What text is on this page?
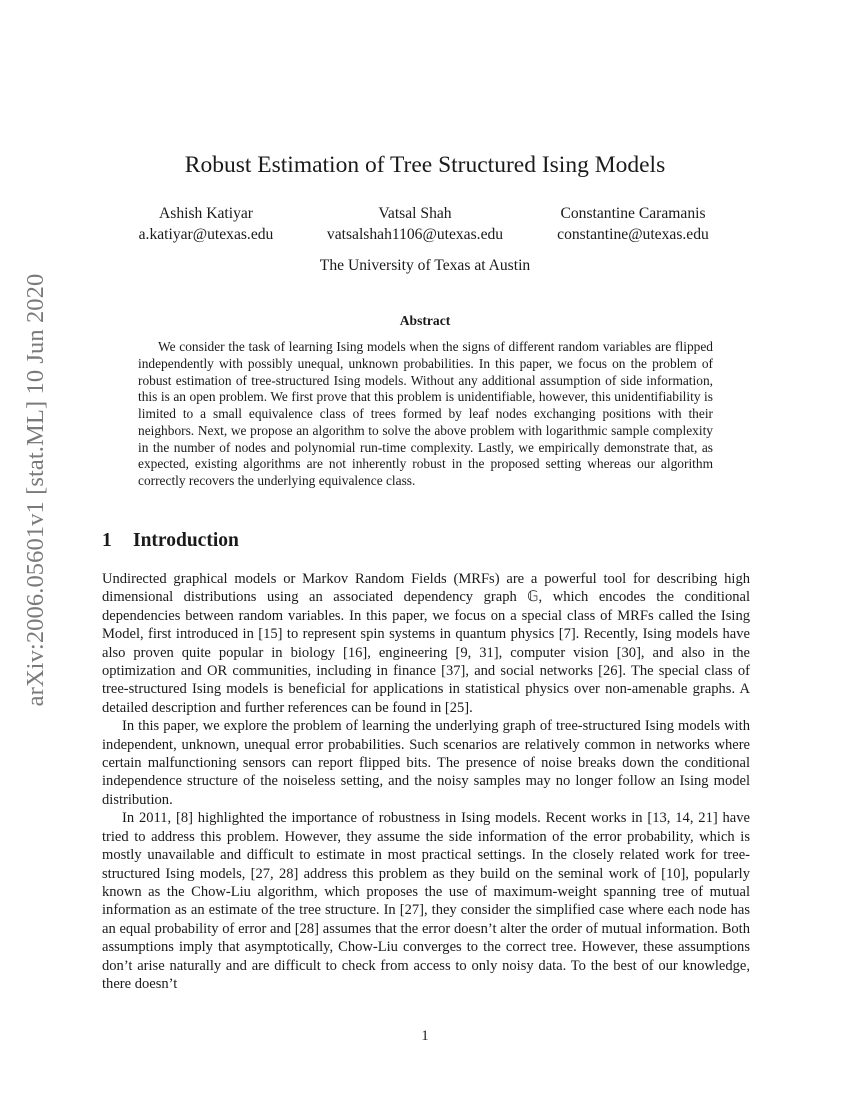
arXiv:2006.05601v1 [stat.ML] 10 Jun 2020
Robust Estimation of Tree Structured Ising Models
Ashish Katiyar
a.katiyar@utexas.edu
Vatsal Shah
vatsalshah1106@utexas.edu
Constantine Caramanis
constantine@utexas.edu
The University of Texas at Austin
Abstract

We consider the task of learning Ising models when the signs of different random variables are flipped independently with possibly unequal, unknown probabilities. In this paper, we focus on the problem of robust estimation of tree-structured Ising models. Without any additional assumption of side information, this is an open problem. We first prove that this problem is unidentifiable, however, this unidentifiability is limited to a small equivalence class of trees formed by leaf nodes exchanging positions with their neighbors. Next, we propose an algorithm to solve the above problem with logarithmic sample complexity in the number of nodes and polynomial run-time complexity. Lastly, we empirically demonstrate that, as expected, existing algorithms are not inherently robust in the proposed setting whereas our algorithm correctly recovers the underlying equivalence class.

1 Introduction

Undirected graphical models or Markov Random Fields (MRFs) are a powerful tool for describing high dimensional distributions using an associated dependency graph 𝔾, which encodes the conditional dependencies between random variables. In this paper, we focus on a special class of MRFs called the Ising Model, first introduced in [15] to represent spin systems in quantum physics [7]. Recently, Ising models have also proven quite popular in biology [16], engineering [9, 31], computer vision [30], and also in the optimization and OR communities, including in finance [37], and social networks [26]. The special class of tree-structured Ising models is beneficial for applications in statistical physics over non-amenable graphs. A detailed description and further references can be found in [25].

In this paper, we explore the problem of learning the underlying graph of tree-structured Ising models with independent, unknown, unequal error probabilities. Such scenarios are relatively common in networks where certain malfunctioning sensors can report flipped bits. The presence of noise breaks down the conditional independence structure of the noiseless setting, and the noisy samples may no longer follow an Ising model distribution.

In 2011, [8] highlighted the importance of robustness in Ising models. Recent works in [13, 14, 21] have tried to address this problem. However, they assume the side information of the error probability, which is mostly unavailable and difficult to estimate in most practical settings. In the closely related work for tree-structured Ising models, [27, 28] address this problem as they build on the seminal work of [10], popularly known as the Chow-Liu algorithm, which proposes the use of maximum-weight spanning tree of mutual information as an estimate of the tree structure. In [27], they consider the simplified case where each node has an equal probability of error and [28] assumes that the error doesn’t alter the order of mutual information. Both assumptions imply that asymptotically, Chow-Liu converges to the correct tree. However, these assumptions don’t arise naturally and are difficult to check from access to only noisy data. To the best of our knowledge, there doesn’t

1
